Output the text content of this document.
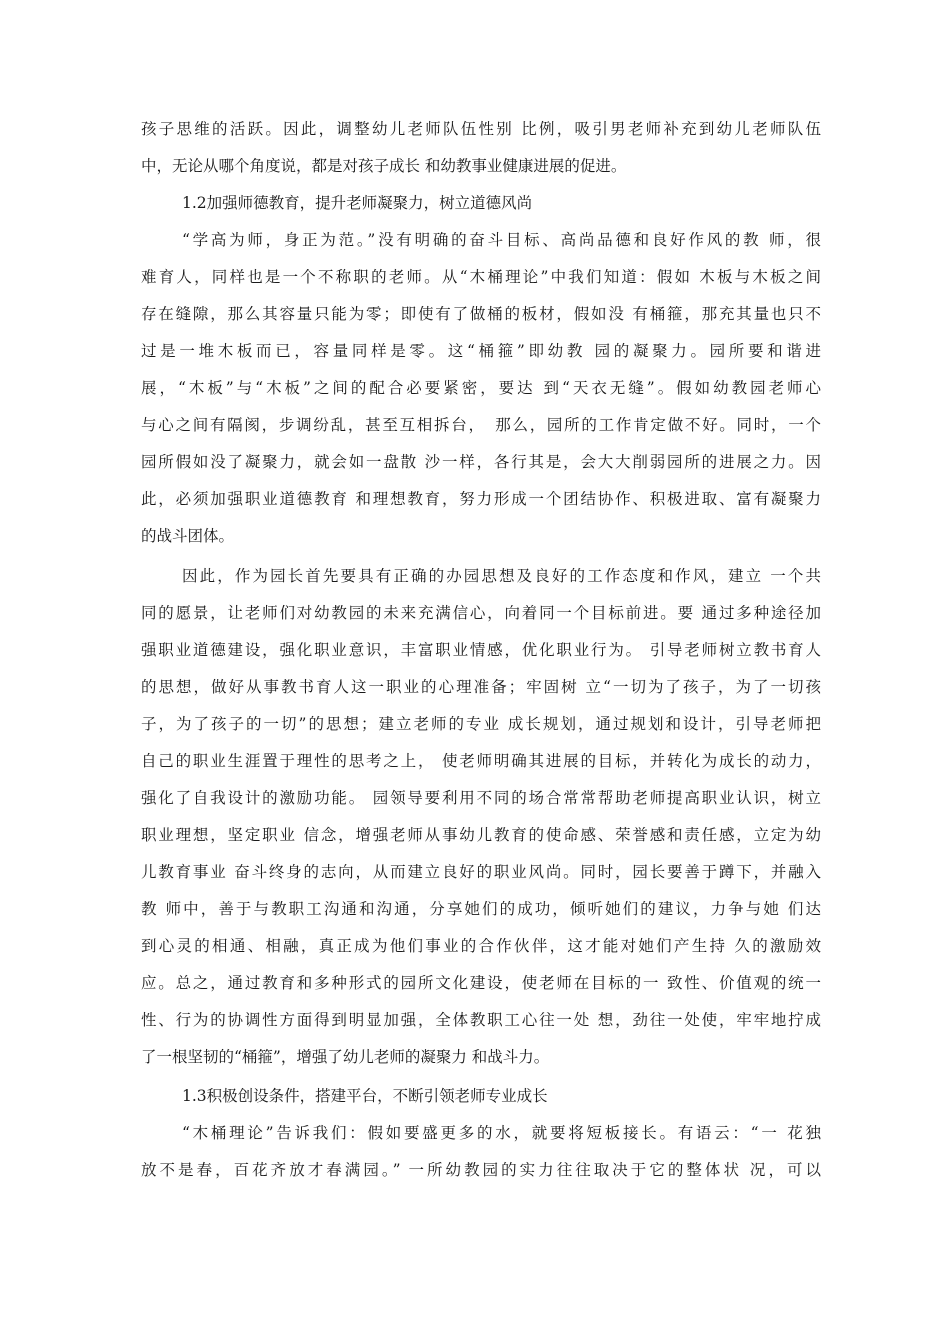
孩子思维的活跃。因此，调整幼儿老师队伍性别 比例，吸引男老师补充到幼儿老师队伍
中，无论从哪个角度说，都是对孩子成长 和幼教事业健康进展的促进。
1.2加强师德教育，提升老师凝聚力，树立道德风尚
“学高为师，身正为范。”没有明确的奋斗目标、高尚品德和良好作风的教 师，很
难育人，同样也是一个不称职的老师。从“木桶理论”中我们知道：假如 木板与木板之间
存在缝隙，那么其容量只能为零；即使有了做桶的板材，假如没 有桶箍，那充其量也只不
过是一堆木板而已，容量同样是零。这“桶箍”即幼教 园的凝聚力。园所要和谐进
展，“木板”与“木板”之间的配合必要紧密，要达 到“天衣无缝”。假如幼教园老师心
与心之间有隔阂，步调纷乱，甚至互相拆台，　那么，园所的工作肯定做不好。同时，一个
园所假如没了凝聚力，就会如一盘散 沙一样，各行其是，会大大削弱园所的进展之力。因
此，必须加强职业道德教育 和理想教育，努力形成一个团结协作、积极进取、富有凝聚力
的战斗团体。
因此，作为园长首先要具有正确的办园思想及良好的工作态度和作风，建立 一个共
同的愿景，让老师们对幼教园的未来充满信心，向着同一个目标前进。要 通过多种途径加
强职业道德建设，强化职业意识，丰富职业情感，优化职业行为。 引导老师树立教书育人
的思想，做好从事教书育人这一职业的心理准备；牢固树 立“一切为了孩子，为了一切孩
子，为了孩子的一切”的思想；建立老师的专业 成长规划，通过规划和设计，引导老师把
自己的职业生涯置于理性的思考之上， 使老师明确其进展的目标，并转化为成长的动力，
强化了自我设计的激励功能。 园领导要利用不同的场合常常帮助老师提高职业认识，树立
职业理想，坚定职业 信念，增强老师从事幼儿教育的使命感、荣誉感和责任感，立定为幼
儿教育事业 奋斗终身的志向，从而建立良好的职业风尚。同时，园长要善于蹲下，并融入
教 师中，善于与教职工沟通和沟通，分享她们的成功，倾听她们的建议，力争与她 们达
到心灵的相通、相融，真正成为他们事业的合作伙伴，这才能对她们产生持 久的激励效
应。总之，通过教育和多种形式的园所文化建设，使老师在目标的一 致性、价值观的统一
性、行为的协调性方面得到明显加强，全体教职工心往一处 想，劲往一处使，牢牢地拧成
了一根坚韧的“桶箍”，增强了幼儿老师的凝聚力 和战斗力。
1.3积极创设条件，搭建平台，不断引领老师专业成长
“木桶理论”告诉我们：假如要盛更多的水，就要将短板接长。有语云：“一 花独
放不是春，百花齐放才春满园。” 一所幼教园的实力往往取决于它的整体状 况，可以
